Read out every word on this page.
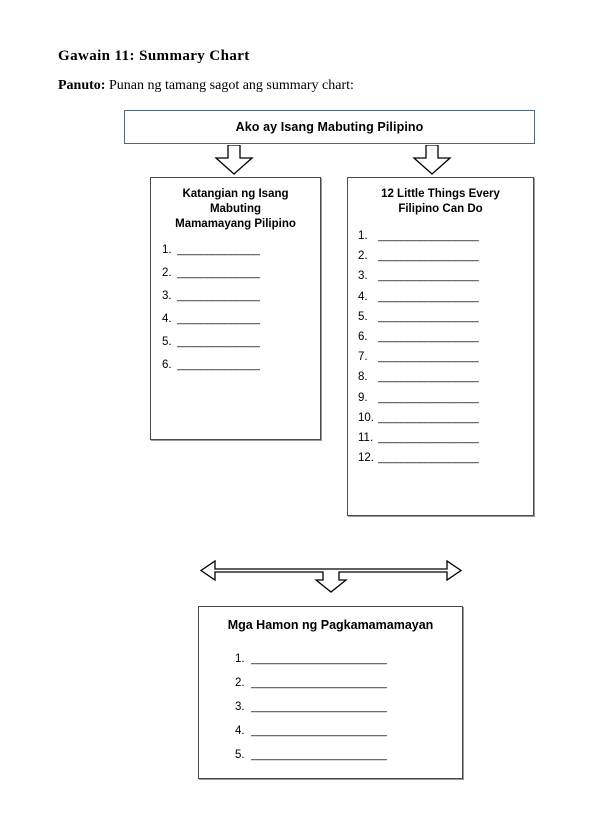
Gawain 11: Summary Chart
Panuto: Punan ng tamang sagot ang summary chart:
Ako ay Isang Mabuting Pilipino
Katangian ng Isang
Mabuting
Mamamayang Pilipino
1. ______________
2. ______________
3. ______________
4. ______________
5. ______________
6. ______________
12 Little Things Every
Filipino Can Do
1. _________________
2. _________________
3. _________________
4. _________________
5. _________________
6. _________________
7. _________________
8. _________________
9. _________________
10. _________________
11. _________________
12. _________________
Mga Hamon ng Pagkamamamayan
1. _______________________
2. _______________________
3. _______________________
4. _______________________
5. _______________________
